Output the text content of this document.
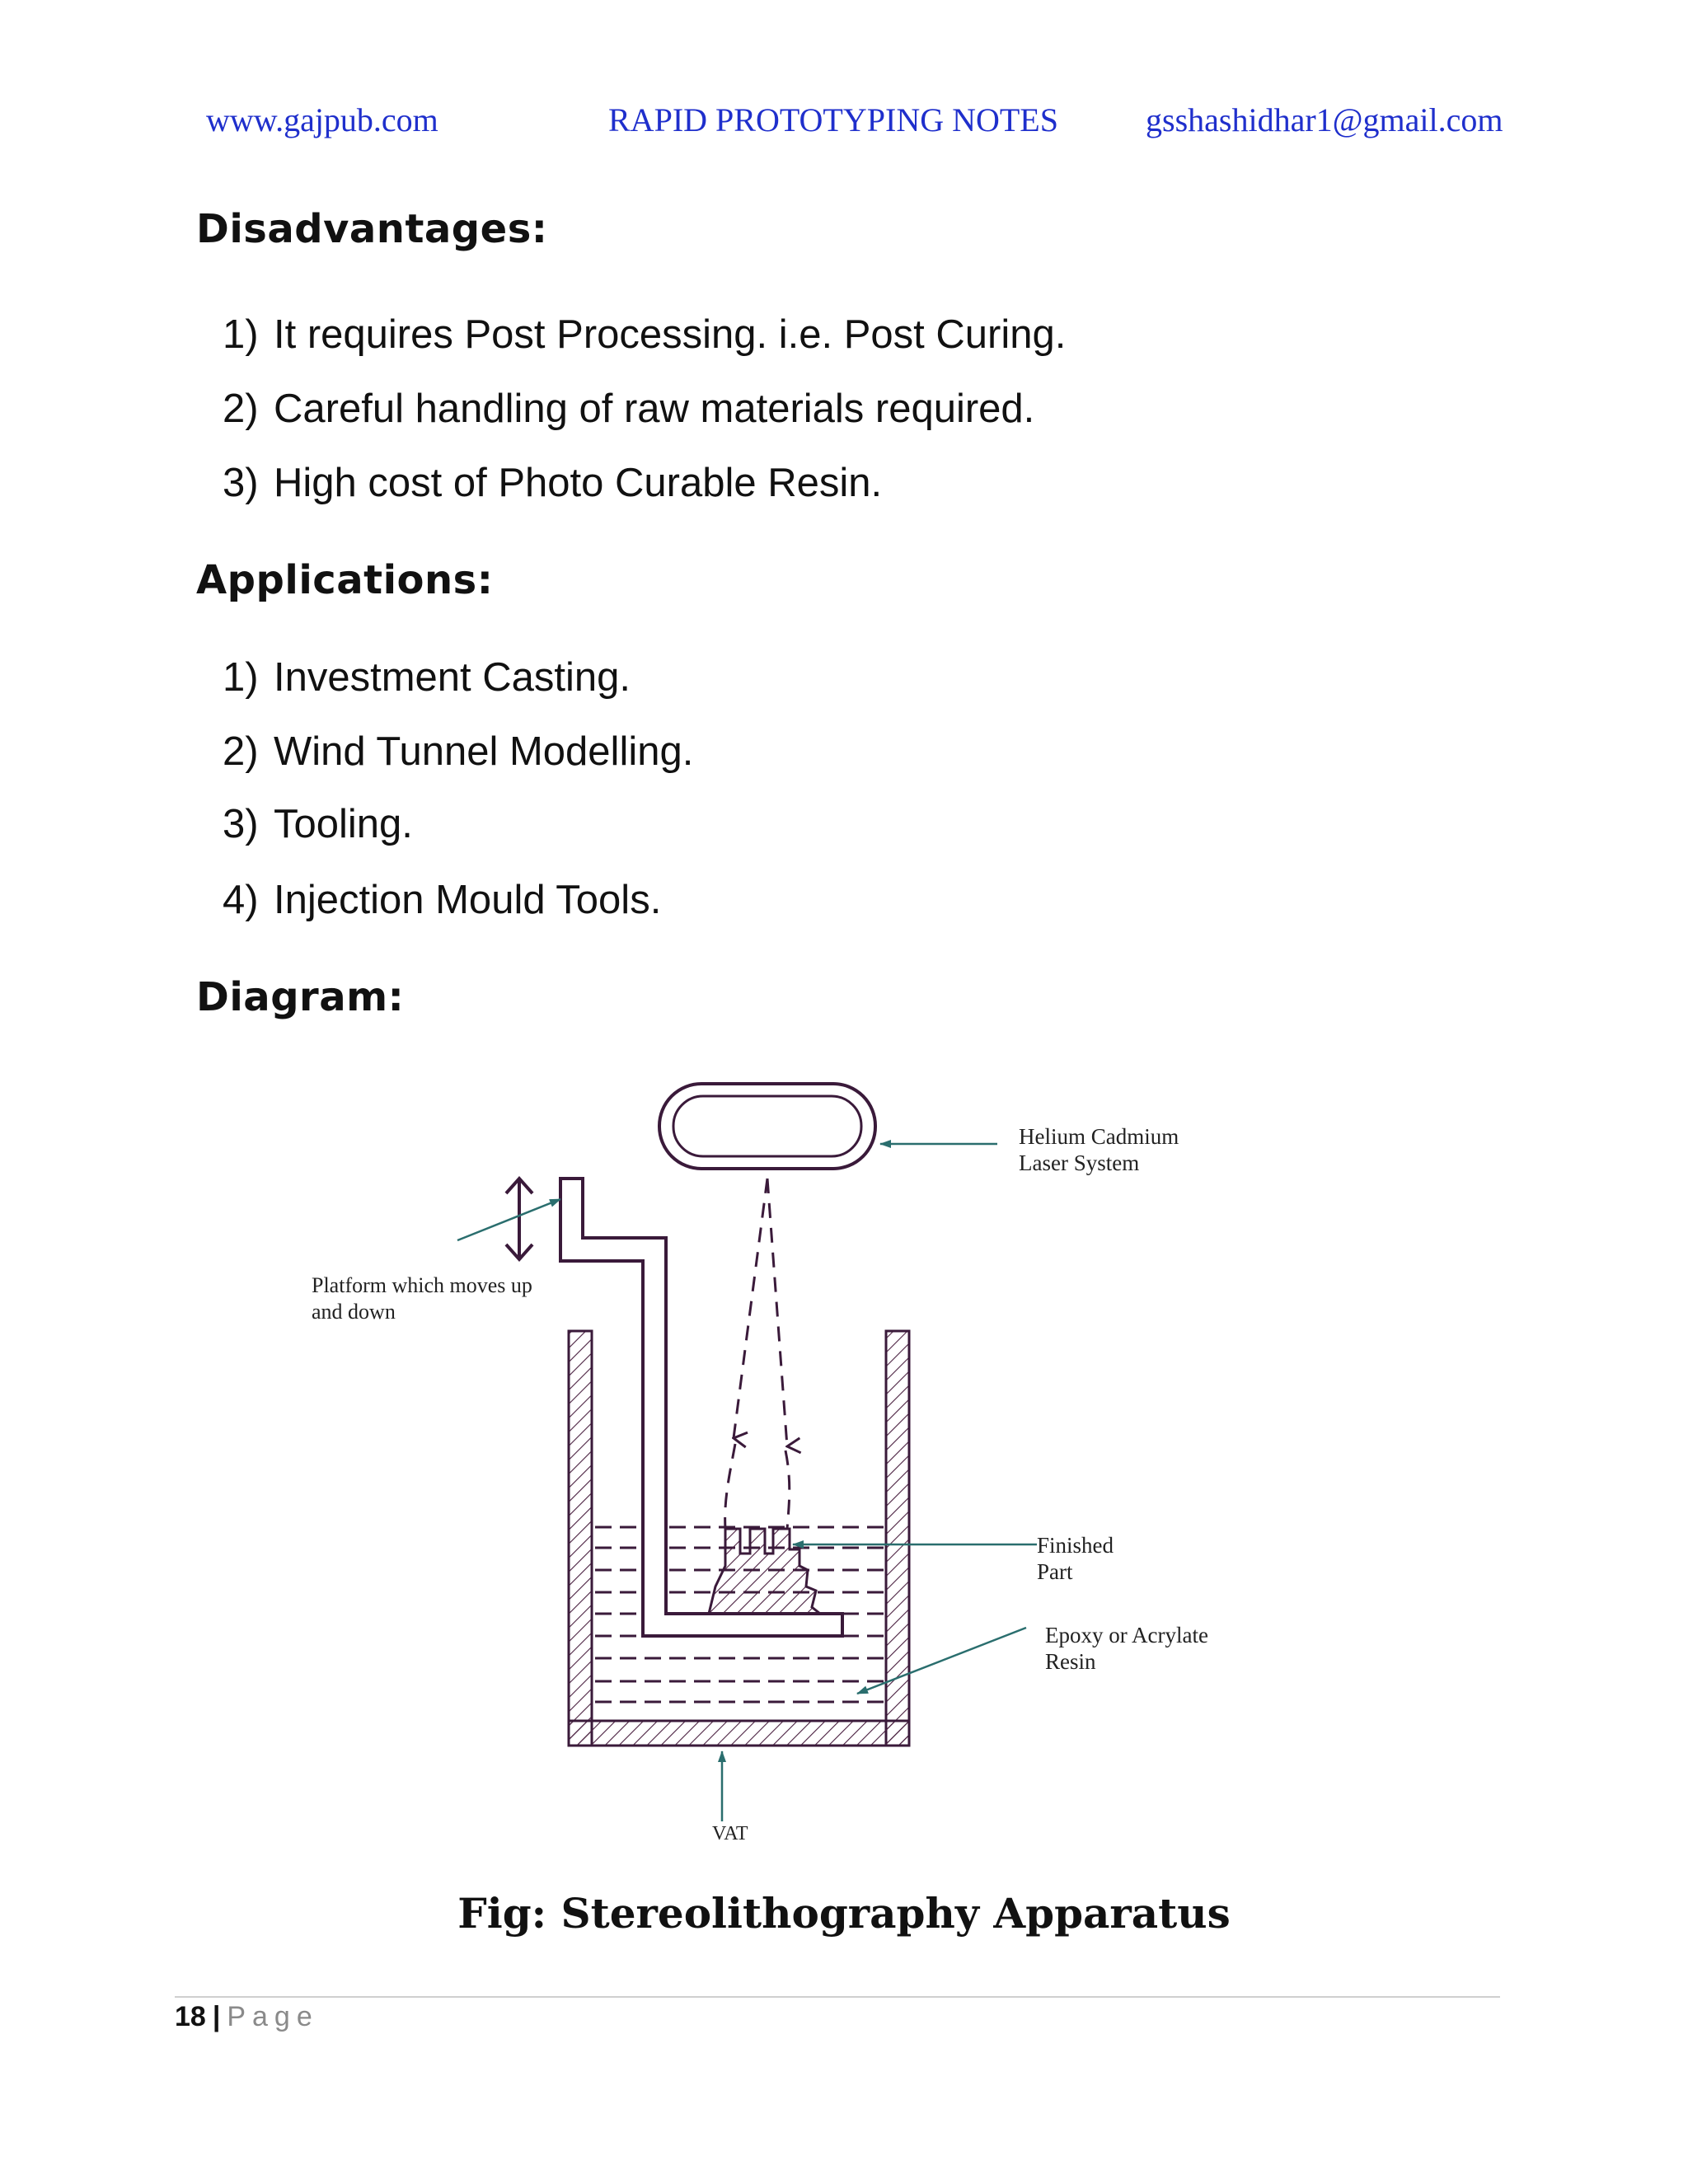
www.gajpub.com	RAPID PROTOTYPING NOTES	gsshashidhar1@gmail.com
Disadvantages:
1) It requires Post Processing. i.e. Post Curing.
2) Careful handling of raw materials required.
3) High cost of Photo Curable Resin.
Applications:
1) Investment Casting.
2) Wind Tunnel Modelling.
3) Tooling.
4) Injection Mould Tools.
Diagram:
Helium Cadmium
Laser System
Platform which moves up
and down
Finished
Part
Epoxy or Acrylate
Resin
VAT
Fig: Stereolithography Apparatus
18 | Page
